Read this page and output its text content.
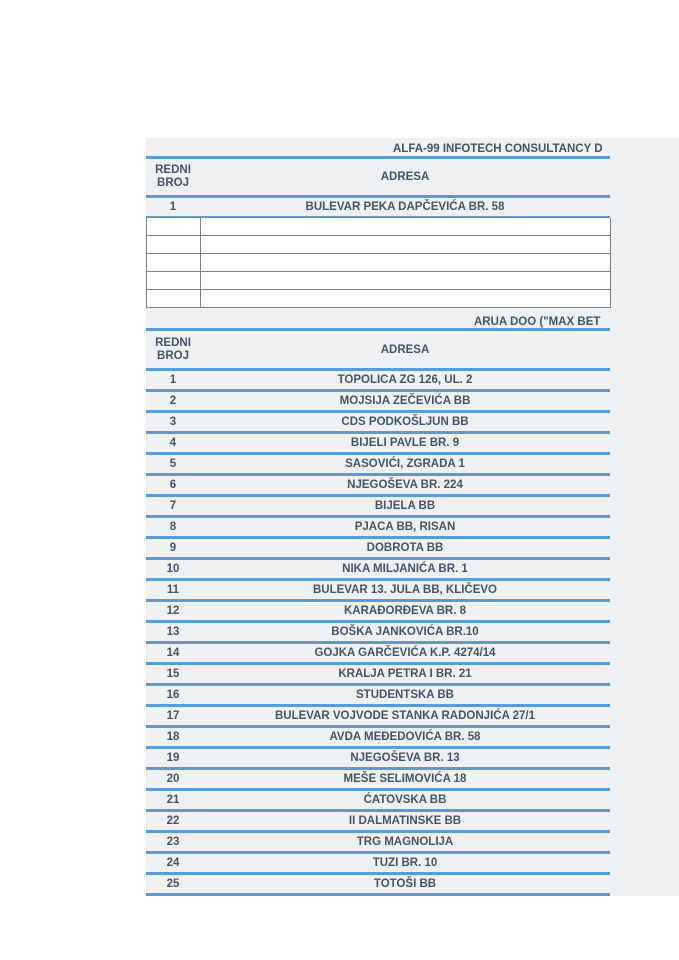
ALFA-99 INFOTECH CONSULTANCY D
REDNI
BROJ	ADRESA
1	BULEVAR PEKA DAPČEVIĆA BR. 58
ARUA DOO ("MAX BET
REDNI
BROJ	ADRESA
1	TOPOLICA ZG 126, UL. 2
2	MOJSIJA ZEČEVIĆA BB
3	CDS PODKOŠLJUN BB
4	BIJELI PAVLE BR. 9
5	SASOVIĆI, ZGRADA 1
6	NJEGOŠEVA BR. 224
7	BIJELA BB
8	PJACA BB, RISAN
9	DOBROTA BB
10	NIKA MILJANIĆA BR. 1
11	BULEVAR 13. JULA BB, KLIČEVO
12	KARAĐORĐEVA BR. 8
13	BOŠKA JANKOVIĆA BR.10
14	GOJKA GARČEVIĆA K.P. 4274/14
15	KRALJA PETRA I BR. 21
16	STUDENTSKA BB
17	BULEVAR VOJVODE STANKA RADONJIĆA 27/1
18	AVDA MEĐEDOVIĆA BR. 58
19	NJEGOŠEVA BR. 13
20	MEŠE SELIMOVIĆA 18
21	ĆATOVSKA BB
22	II DALMATINSKE BB
23	TRG MAGNOLIJA
24	TUZI BR. 10
25	TOTOŠI BB
